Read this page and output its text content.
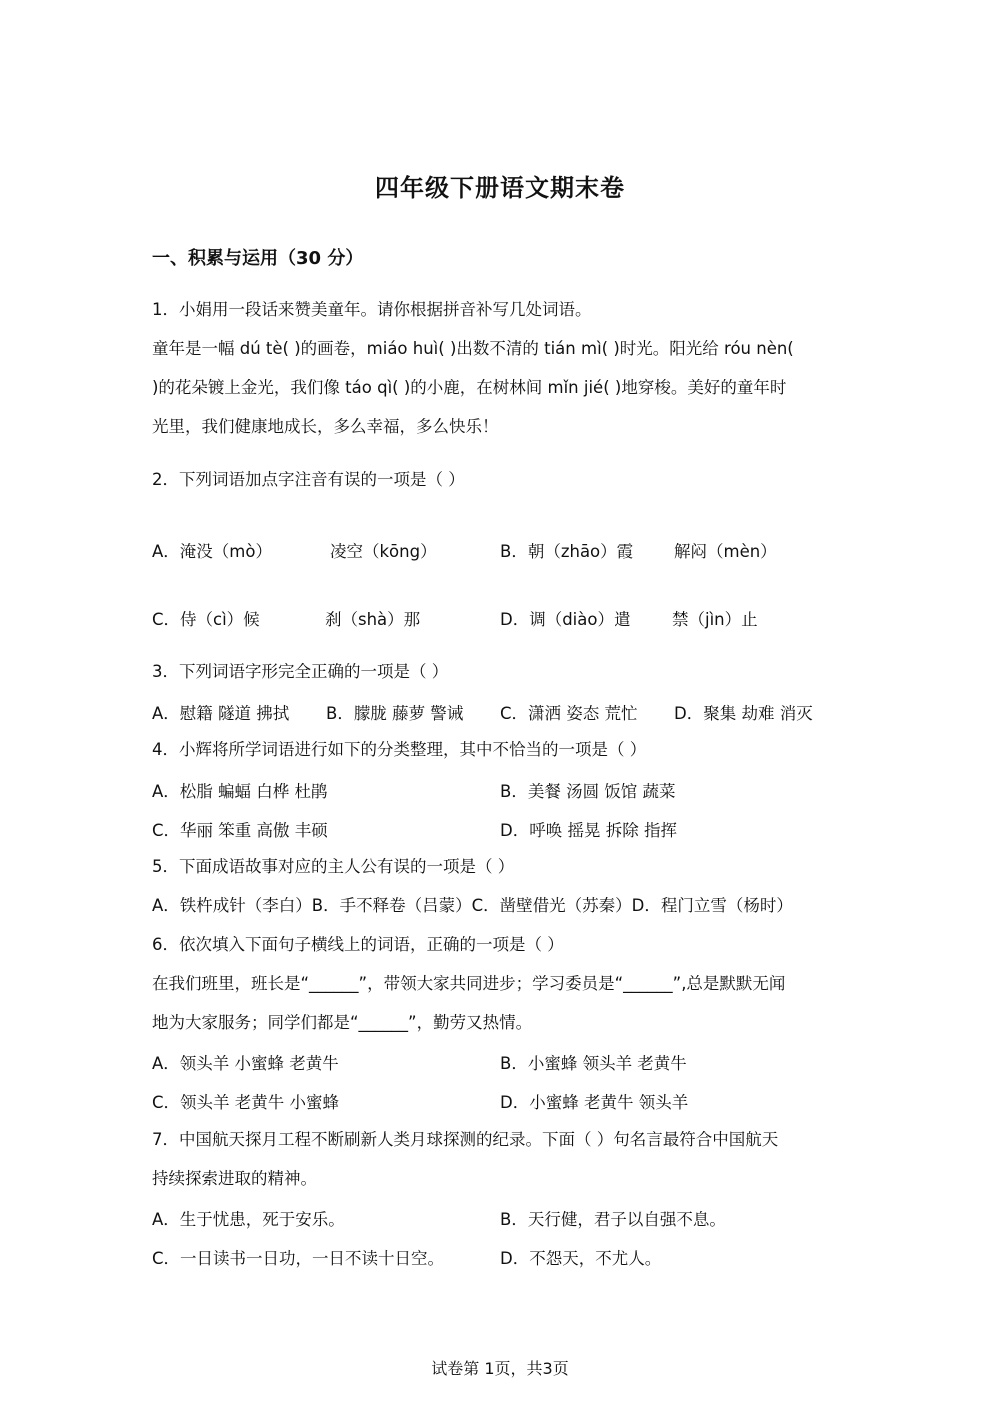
四年级下册语文期末卷
一、积累与运用（30 分）
1．小娟用一段话来赞美童年。请你根据拼音补写几处词语。
童年是一幅 dú tè( )的画卷，miáo huì( )出数不清的 tián mì( )时光。阳光给 róu nèn(
)的花朵镀上金光，我们像 táo qì( )的小鹿，在树林间 mǐn jié( )地穿梭。美好的童年时
光里，我们健康地成长，多么幸福，多么快乐！
2．下列词语加点字注音有误的一项是（ ）
A．淹没（mò）	凌空（kōng）	B．朝（zhāo）霞 解闷（mèn）
C．侍（cì）候	刹（shà）那	D．调（diào）遣	禁（jìn）止
3．下列词语字形完全正确的一项是（ ）
A．慰籍 隧道 拂拭 B．朦胧 藤萝 警诫 C．潇洒 姿态 荒忙 D．聚集 劫难 消灭
4．小辉将所学词语进行如下的分类整理，其中不恰当的一项是（ ）
A．松脂 蝙蝠 白桦 杜鹃	B．美餐 汤圆 饭馆 蔬菜
C．华丽 笨重 高傲 丰硕	D．呼唤 摇晃 拆除 指挥
5．下面成语故事对应的主人公有误的一项是（ ）
A．铁杵成针（李白）B．手不释卷（吕蒙）C．凿壁借光（苏秦）D．程门立雪（杨时）
6．依次填入下面句子横线上的词语，正确的一项是（ ）
在我们班里，班长是“______”，带领大家共同进步；学习委员是“______”,总是默默无闻
地为大家服务；同学们都是“______”，勤劳又热情。
A．领头羊 小蜜蜂 老黄牛	B．小蜜蜂 领头羊 老黄牛
C．领头羊 老黄牛 小蜜蜂	D．小蜜蜂 老黄牛 领头羊
7．中国航天探月工程不断刷新人类月球探测的纪录。下面（ ）句名言最符合中国航天
持续探索进取的精神。
A．生于忧患，死于安乐。	B．天行健，君子以自强不息。
C．一日读书一日功，一日不读十日空。	D．不怨天，不尤人。
试卷第 1页，共3页
